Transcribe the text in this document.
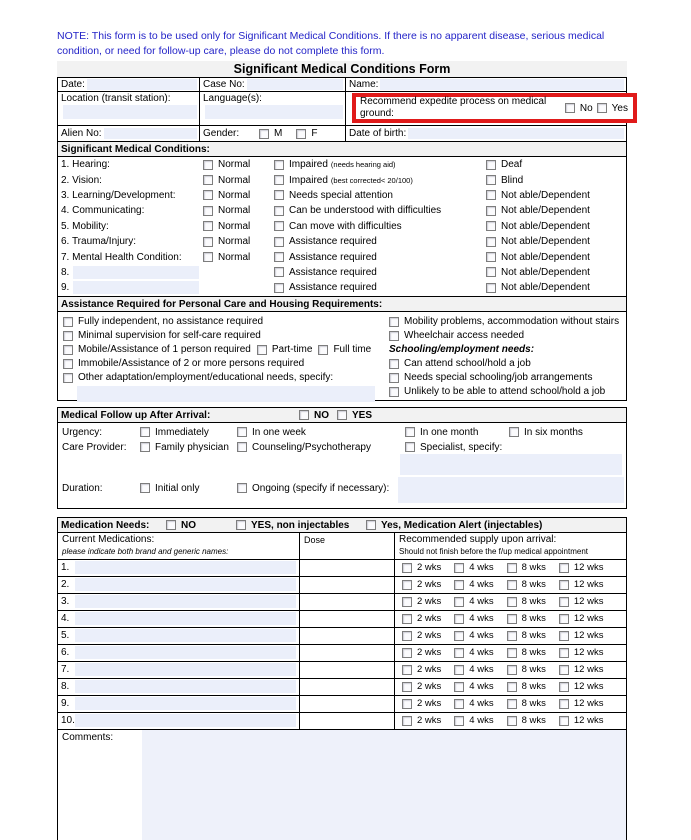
NOTE: This form is to be used only for Significant Medical Conditions. If there is no apparent disease, serious medical condition, or need for follow-up care, please do not complete this form.
Significant Medical Conditions Form
Date:	Case No:	Name:
Location (transit station):	Language(s):	Recommend expedite process on medical ground:	No Yes
Alien No:	Gender:	M	F	Date of birth:
Significant Medical Conditions:
1. Hearing:	Normal	Impaired (needs hearing aid)	Deaf
2. Vision:	Normal	Impaired (best corrected< 20/100)	Blind
3. Learning/Development:	Normal	Needs special attention	Not able/Dependent
4. Communicating:	Normal	Can be understood with difficulties	Not able/Dependent
5. Mobility:	Normal	Can move with difficulties	Not able/Dependent
6. Trauma/Injury:	Normal	Assistance required	Not able/Dependent
7. Mental Health Condition:	Normal	Assistance required	Not able/Dependent
8.	Assistance required	Not able/Dependent
9.	Assistance required	Not able/Dependent
Assistance Required for Personal Care and Housing Requirements:
Fully independent, no assistance required
Minimal supervision for self-care required
Mobile/Assistance of 1 person required Part-time Full time
Immobile/Assistance of 2 or more persons required
Other adaptation/employment/educational needs, specify:
Mobility problems, accommodation without stairs
Wheelchair access needed
Schooling/employment needs:
Can attend school/hold a job
Needs special schooling/job arrangements
Unlikely to be able to attend school/hold a job
Medical Follow up After Arrival:	NO YES
Urgency:	Immediately	In one week	In one month	In six months
Care Provider:	Family physician Counseling/Psychotherapy	Specialist, specify:
Duration:	Initial only	Ongoing (specify if necessary):
Medication Needs:	NO	YES, non injectables	Yes, Medication Alert (injectables)
Current Medications:
please indicate both brand and generic names:
Dose	Recommended supply upon arrival:
Should not finish before the f/up medical appointment
1.	2 wks	4 wks	8 wks	12 wks
2.	2 wks	4 wks	8 wks	12 wks
3.	2 wks	4 wks	8 wks	12 wks
4.	2 wks	4 wks	8 wks	12 wks
5.	2 wks	4 wks	8 wks	12 wks
6.	2 wks	4 wks	8 wks	12 wks
7.	2 wks	4 wks	8 wks	12 wks
8.	2 wks	4 wks	8 wks	12 wks
9.	2 wks	4 wks	8 wks	12 wks
10.	2 wks	4 wks	8 wks	12 wks
Comments:
